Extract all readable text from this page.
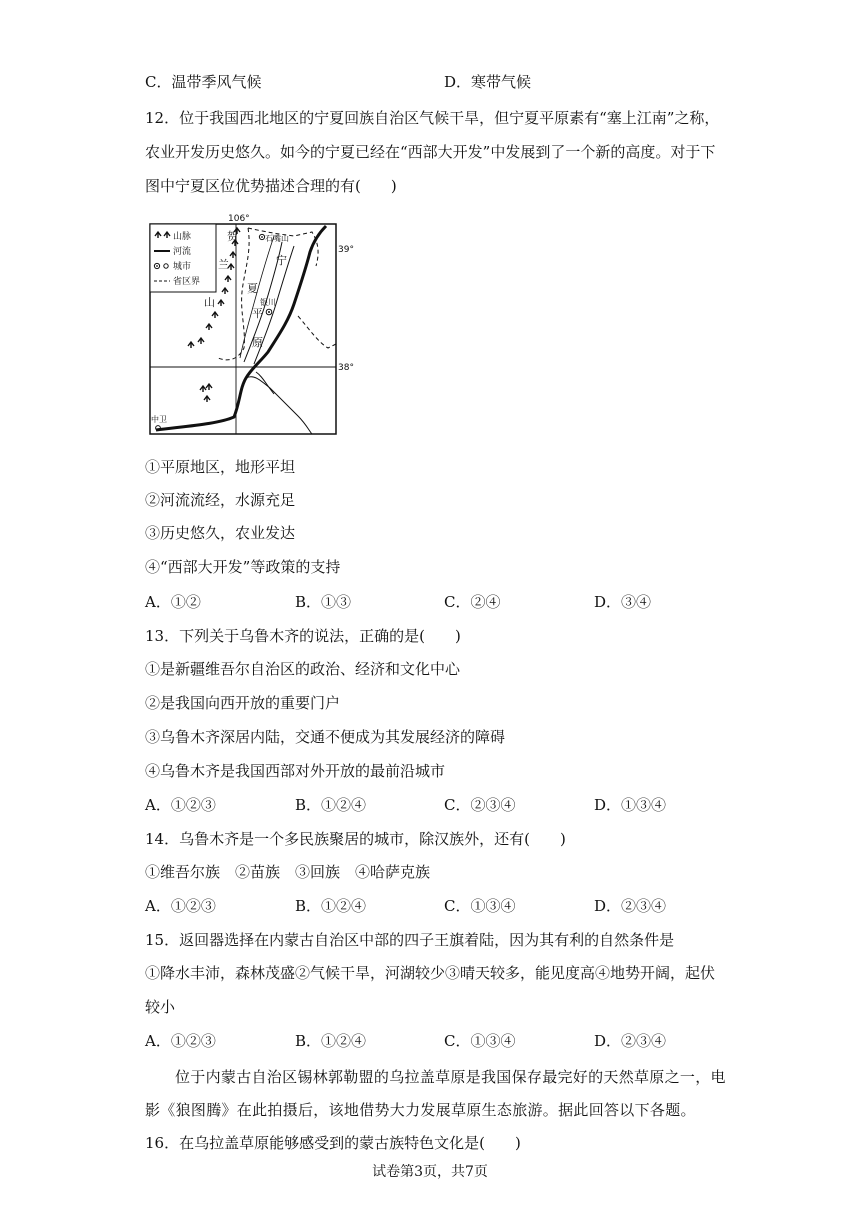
C．温带季风气候	D．寒带气候
12．位于我国西北地区的宁夏回族自治区气候干旱，但宁夏平原素有“塞上江南”之称，
农业开发历史悠久。如今的宁夏已经在“西部大开发”中发展到了一个新的高度。对于下
图中宁夏区位优势描述合理的有(　　)
山脉
河流
城市
省区界
106°
39°
38°
贺
兰
山
石嘴山
宁
夏
银川
平
原
中卫
①平原地区，地形平坦
②河流流经，水源充足
③历史悠久，农业发达
④“西部大开发”等政策的支持
A．①②	B．①③	C．②④	D．③④
13．下列关于乌鲁木齐的说法，正确的是(　　)
①是新疆维吾尔自治区的政治、经济和文化中心
②是我国向西开放的重要门户
③乌鲁木齐深居内陆，交通不便成为其发展经济的障碍
④乌鲁木齐是我国西部对外开放的最前沿城市
A．①②③	B．①②④	C．②③④	D．①③④
14．乌鲁木齐是一个多民族聚居的城市，除汉族外，还有(　　)
①维吾尔族　②苗族　③回族　④哈萨克族
A．①②③	B．①②④	C．①③④	D．②③④
15．返回器选择在内蒙古自治区中部的四子王旗着陆，因为其有利的自然条件是
①降水丰沛，森林茂盛②气候干旱，河湖较少③晴天较多，能见度高④地势开阔，起伏
较小
A．①②③	B．①②④	C．①③④	D．②③④
位于内蒙古自治区锡林郭勒盟的乌拉盖草原是我国保存最完好的天然草原之一，电
影《狼图腾》在此拍摄后，该地借势大力发展草原生态旅游。据此回答以下各题。
16．在乌拉盖草原能够感受到的蒙古族特色文化是(　　)
试卷第3页，共7页
